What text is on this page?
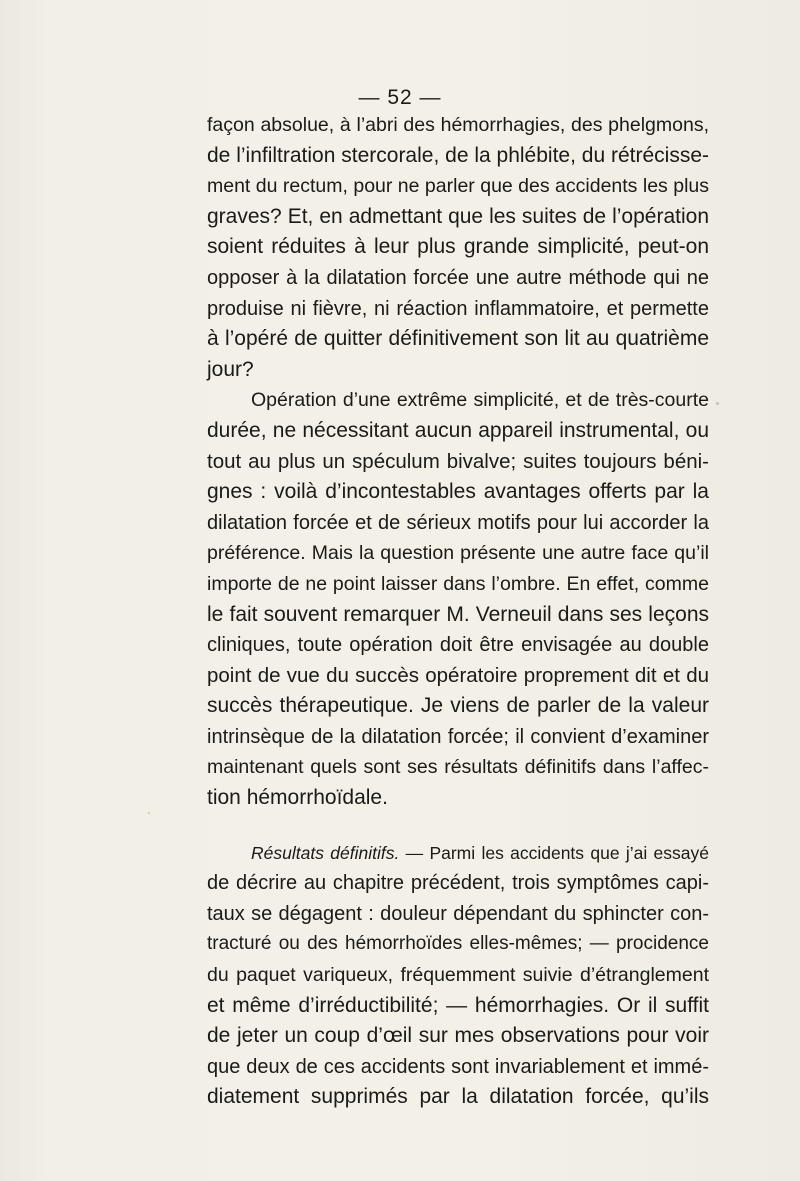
— 52 —
façon absolue, à l’abri des hémorrhagies, des phelgmons,
de l’infiltration stercorale, de la phlébite, du rétrécisse-
ment du rectum, pour ne parler que des accidents les plus
graves? Et, en admettant que les suites de l’opération
soient réduites à leur plus grande simplicité, peut-on
opposer à la dilatation forcée une autre méthode qui ne
produise ni fièvre, ni réaction inflammatoire, et permette
à l’opéré de quitter définitivement son lit au quatrième
jour?
Opération d’une extrême simplicité, et de très-courte
durée, ne nécessitant aucun appareil instrumental, ou
tout au plus un spéculum bivalve; suites toujours béni-
gnes : voilà d’incontestables avantages offerts par la
dilatation forcée et de sérieux motifs pour lui accorder la
préférence. Mais la question présente une autre face qu’il
importe de ne point laisser dans l’ombre. En effet, comme
le fait souvent remarquer M. Verneuil dans ses leçons
cliniques, toute opération doit être envisagée au double
point de vue du succès opératoire proprement dit et du
succès thérapeutique. Je viens de parler de la valeur
intrinsèque de la dilatation forcée; il convient d’examiner
maintenant quels sont ses résultats définitifs dans l’affec-
tion hémorrhoïdale.
Résultats définitifs. — Parmi les accidents que j’ai essayé
de décrire au chapitre précédent, trois symptômes capi-
taux se dégagent : douleur dépendant du sphincter con-
tracturé ou des hémorrhoïdes elles-mêmes; — procidence
du paquet variqueux, fréquemment suivie d’étranglement
et même d’irréductibilité; — hémorrhagies. Or il suffit
de jeter un coup d’œil sur mes observations pour voir
que deux de ces accidents sont invariablement et immé-
diatement supprimés par la dilatation forcée, qu’ils
